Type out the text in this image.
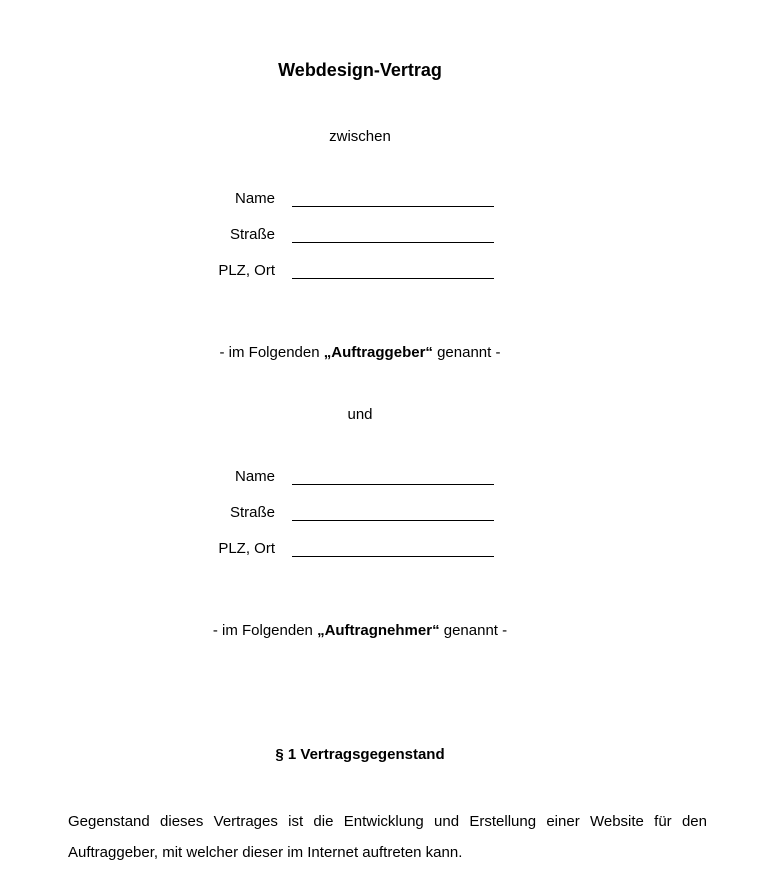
Webdesign-Vertrag
zwischen
Name
Straße
PLZ, Ort
- im Folgenden „Auftraggeber“ genannt -
und
Name
Straße
PLZ, Ort
- im Folgenden „Auftragnehmer“ genannt -
§ 1 Vertragsgegenstand
Gegenstand dieses Vertrages ist die Entwicklung und Erstellung einer Website für den Auftraggeber, mit welcher dieser im Internet auftreten kann.
